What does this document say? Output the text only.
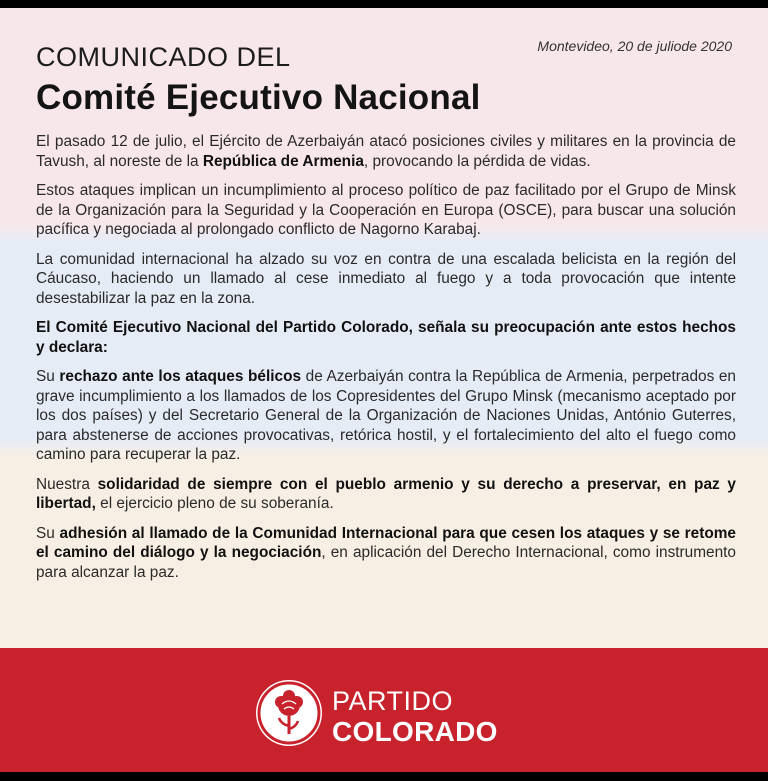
Montevideo, 20 de juliode 2020
COMUNICADO DEL
Comité Ejecutivo Nacional

El pasado 12 de julio, el Ejército de Azerbaiyán atacó posiciones civiles y militares en la provincia de Tavush, al noreste de la República de Armenia, provocando la pérdida de vidas.

Estos ataques implican un incumplimiento al proceso político de paz facilitado por el Grupo de Minsk de la Organización para la Seguridad y la Cooperación en Europa (OSCE), para buscar una solución pacífica y negociada al prolongado conflicto de Nagorno Karabaj.

La comunidad internacional ha alzado su voz en contra de una escalada belicista en la región del Cáucaso, haciendo un llamado al cese inmediato al fuego y a toda provocación que intente desestabilizar la paz en la zona.

El Comité Ejecutivo Nacional del Partido Colorado, señala su preocupación ante estos hechos y declara:

Su rechazo ante los ataques bélicos de Azerbaiyán contra la República de Armenia, perpetrados en grave incumplimiento a los llamados de los Copresidentes del Grupo Minsk (mecanismo aceptado por los dos países) y del Secretario General de la Organización de Naciones Unidas, António Guterres, para abstenerse de acciones provocativas, retórica hostil, y el fortalecimiento del alto el fuego como camino para recuperar la paz.

Nuestra solidaridad de siempre con el pueblo armenio y su derecho a preservar, en paz y libertad, el ejercicio pleno de su soberanía.

Su adhesión al llamado de la Comunidad Internacional para que cesen los ataques y se retome el camino del diálogo y la negociación, en aplicación del Derecho Internacional, como instrumento para alcanzar la paz.

PARTIDO
COLORADO
